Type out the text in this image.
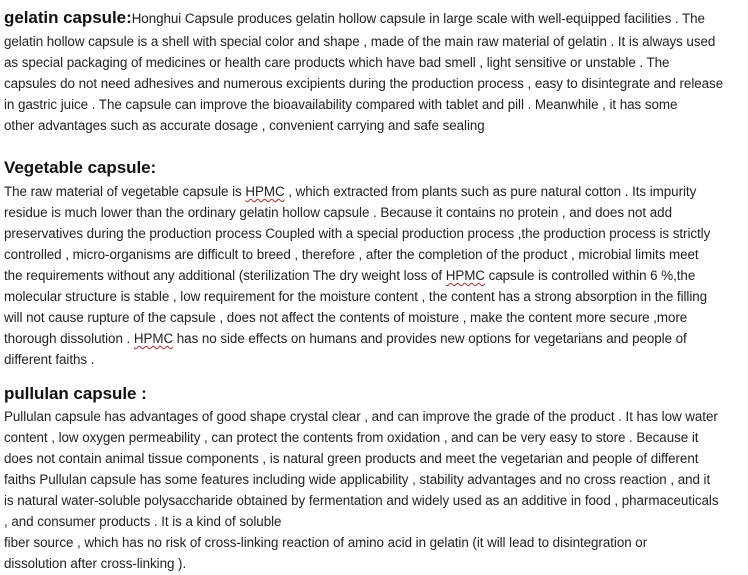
gelatin capsule:Honghui Capsule produces gelatin hollow capsule in large scale with well-equipped facilities . The
gelatin hollow capsule is a shell with special color and shape , made of the main raw material of gelatin . It is always used
as special packaging of medicines or health care products which have bad smell , light sensitive or unstable . The
capsules do not need adhesives and numerous excipients during the production process , easy to disintegrate and release
in gastric juice . The capsule can improve the bioavailability compared with tablet and pill . Meanwhile , it has some
other advantages such as accurate dosage , convenient carrying and safe sealing
Vegetable capsule:
The raw material of vegetable capsule is HPMC , which extracted from plants such as pure natural cotton . Its impurity
residue is much lower than the ordinary gelatin hollow capsule . Because it contains no protein , and does not add
preservatives during the production process Coupled with a special production process ,the production process is strictly
controlled , micro-organisms are difficult to breed , therefore , after the completion of the product , microbial limits meet
the requirements without any additional (sterilization The dry weight loss of HPMC capsule is controlled within 6 %,the
molecular structure is stable , low requirement for the moisture content , the content has a strong absorption in the filling
will not cause rupture of the capsule , does not affect the contents of moisture , make the content more secure ,more
thorough dissolution . HPMC has no side effects on humans and provides new options for vegetarians and people of
different faiths .
pullulan capsule :
Pullulan capsule has advantages of good shape crystal clear , and can improve the grade of the product . It has low water
content , low oxygen permeability , can protect the contents from oxidation , and can be very easy to store . Because it
does not contain animal tissue components , is natural green products and meet the vegetarian and people of different
faiths Pullulan capsule has some features including wide applicability , stability advantages and no cross reaction , and it
is natural water-soluble polysaccharide obtained by fermentation and widely used as an additive in food , pharmaceuticals
, and consumer products . It is a kind of soluble
fiber source , which has no risk of cross-linking reaction of amino acid in gelatin (it will lead to disintegration or
dissolution after cross-linking ).
